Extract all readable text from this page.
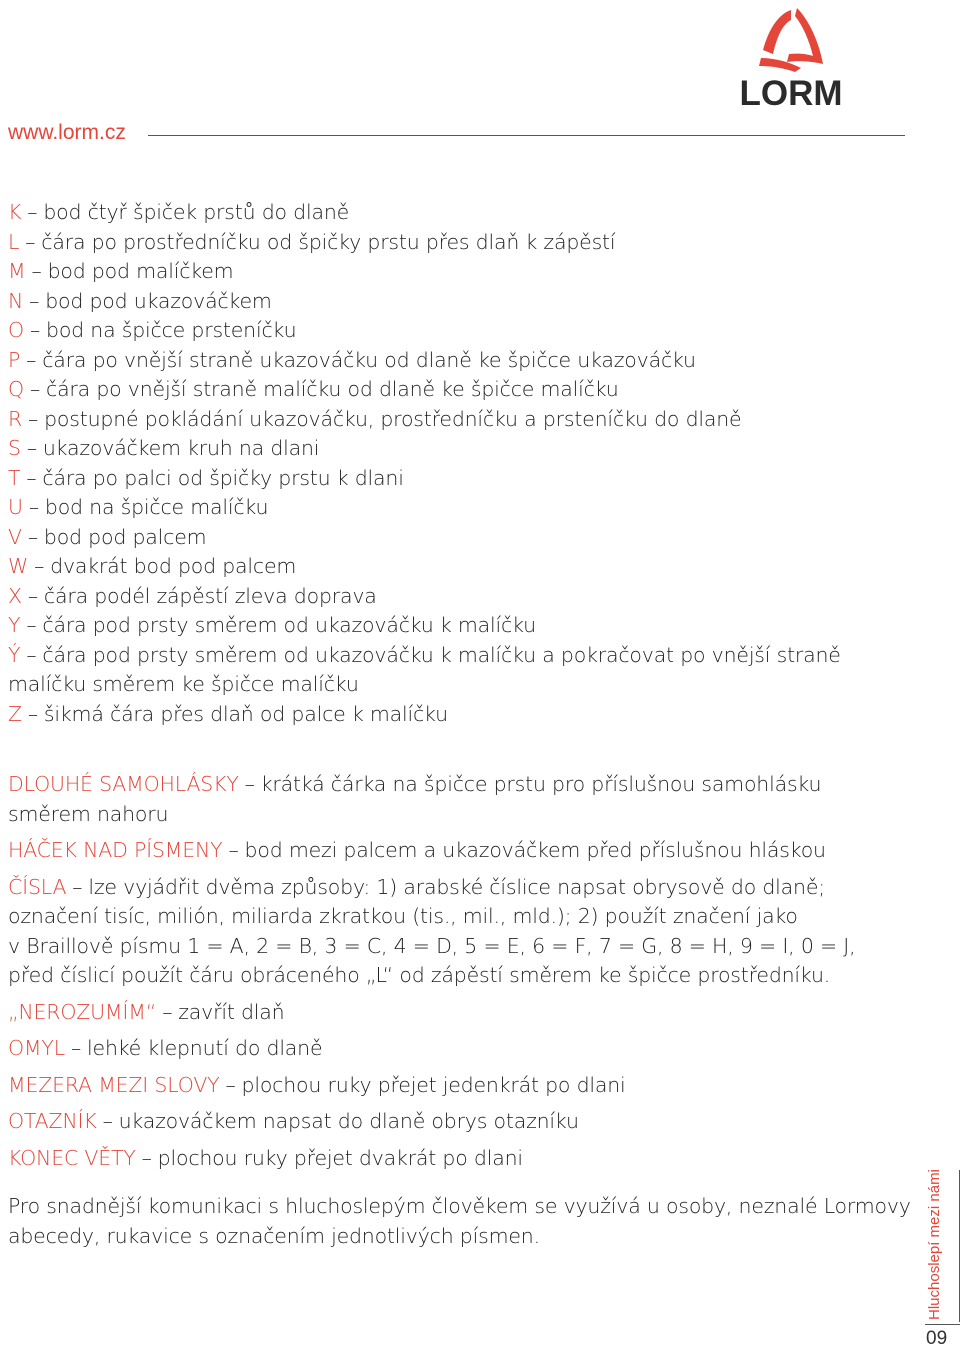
LORM
www.lorm.cz
K – bod čtyř špiček prstů do dlaně
L – čára po prostředníčku od špičky prstu přes dlaň k zápěstí
M – bod pod malíčkem
N – bod pod ukazováčkem
O – bod na špičce prsteníčku
P – čára po vnější straně ukazováčku od dlaně ke špičce ukazováčku
Q – čára po vnější straně malíčku od dlaně ke špičce malíčku
R – postupné pokládání ukazováčku, prostředníčku a prsteníčku do dlaně
S – ukazováčkem kruh na dlani
T – čára po palci od špičky prstu k dlani
U – bod na špičce malíčku
V – bod pod palcem
W – dvakrát bod pod palcem
X – čára podél zápěstí zleva doprava
Y – čára pod prsty směrem od ukazováčku k malíčku
Ý – čára pod prsty směrem od ukazováčku k malíčku a pokračovat po vnější straně
malíčku směrem ke špičce malíčku
Z – šikmá čára přes dlaň od palce k malíčku
DLOUHÉ SAMOHLÁSKY – krátká čárka na špičce prstu pro příslušnou samohlásku
směrem nahoru
HÁČEK NAD PÍSMENY – bod mezi palcem a ukazováčkem před příslušnou hláskou
ČÍSLA – lze vyjádřit dvěma způsoby: 1) arabské číslice napsat obrysově do dlaně;
označení tisíc, milión, miliarda zkratkou (tis., mil., mld.); 2) použít značení jako
v Braillově písmu 1 = A, 2 = B, 3 = C, 4 = D, 5 = E, 6 = F, 7 = G, 8 = H, 9 = I, 0 = J,
před číslicí použít čáru obráceného „L“ od zápěstí směrem ke špičce prostředníku.
„NEROZUMÍM“ – zavřít dlaň
OMYL – lehké klepnutí do dlaně
MEZERA MEZI SLOVY – plochou ruky přejet jedenkrát po dlani
OTAZNÍK – ukazováčkem napsat do dlaně obrys otazníku
KONEC VĚTY – plochou ruky přejet dvakrát po dlani
Pro snadnější komunikaci s hluchoslepým člověkem se využívá u osoby, neznalé Lormovy
abecedy, rukavice s označením jednotlivých písmen.	Hluchoslepí mezi námi
09
